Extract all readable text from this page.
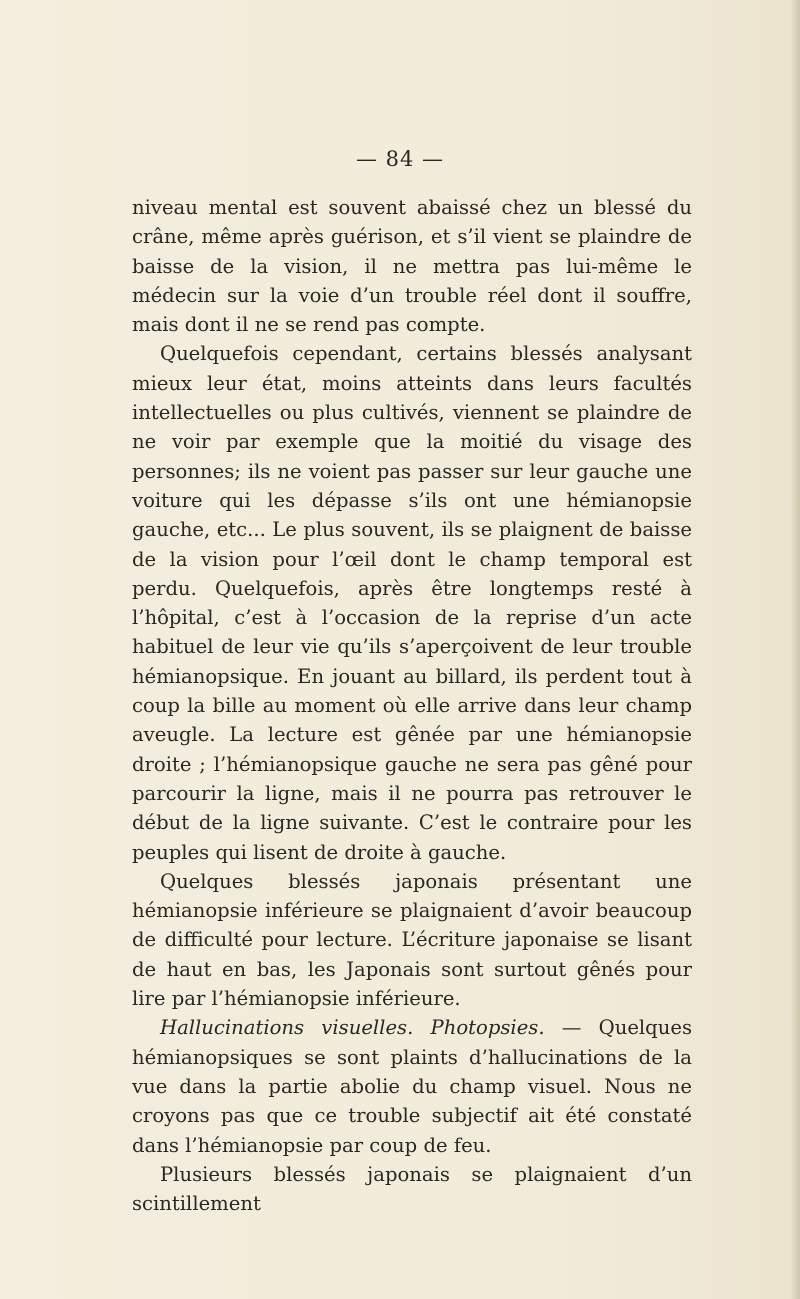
— 84 —

niveau mental est souvent abaissé chez un blessé du crâne, même après guérison, et s’il vient se plaindre de baisse de la vision, il ne mettra pas lui-même le médecin sur la voie d’un trouble réel dont il souffre, mais dont il ne se rend pas compte.

Quelquefois cependant, certains blessés analysant mieux leur état, moins atteints dans leurs facultés intellectuelles ou plus cultivés, viennent se plaindre de ne voir par exemple que la moitié du visage des personnes; ils ne voient pas passer sur leur gauche une voiture qui les dépasse s’ils ont une hémianopsie gauche, etc... Le plus souvent, ils se plaignent de baisse de la vision pour l’œil dont le champ temporal est perdu. Quelquefois, après être longtemps resté à l’hôpital, c’est à l’occasion de la reprise d’un acte habituel de leur vie qu’ils s’aperçoivent de leur trouble hémianopsique. En jouant au billard, ils perdent tout à coup la bille au moment où elle arrive dans leur champ aveugle. La lecture est gênée par une hémianopsie droite ; l’hémianopsique gauche ne sera pas gêné pour parcourir la ligne, mais il ne pourra pas retrouver le début de la ligne suivante. C’est le contraire pour les peuples qui lisent de droite à gauche.

Quelques blessés japonais présentant une hémianopsie inférieure se plaignaient d’avoir beaucoup de difficulté pour lecture. L’écriture japonaise se lisant de haut en bas, les Japonais sont surtout gênés pour lire par l’hémianopsie inférieure.

Hallucinations visuelles. Photopsies. — Quelques hémianopsiques se sont plaints d’hallucinations de la vue dans la partie abolie du champ visuel. Nous ne croyons pas que ce trouble subjectif ait été constaté dans l’hémianopsie par coup de feu.

Plusieurs blessés japonais se plaignaient d’un scintillement
